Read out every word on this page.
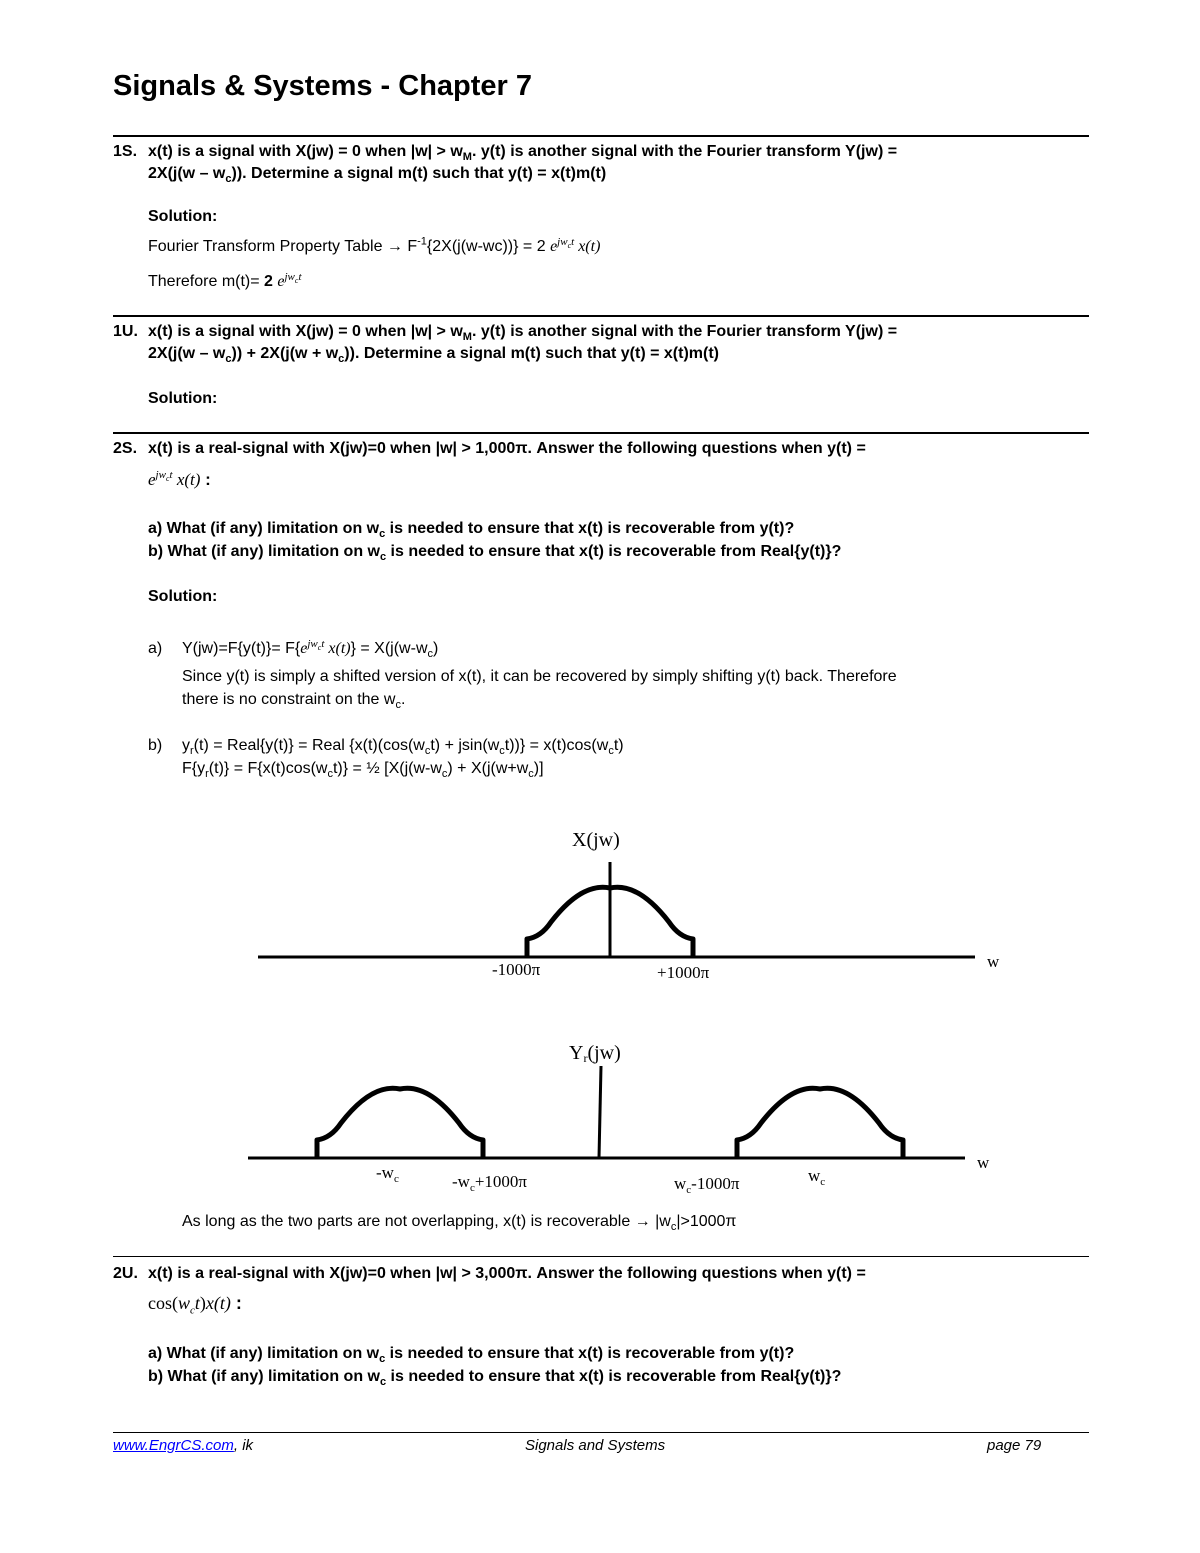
Signals & Systems - Chapter 7
1S. x(t) is a signal with X(jw) = 0 when $|w| > w_M$. y(t) is another signal with the Fourier transform Y(jw) =
$2X(j(w - w_c))$. Determine a signal m(t) such that y(t) = x(t)m(t)
Solution:
Fourier Transform Property Table → $F^{-1}\{2X(j(w-wc))\} = 2$ $e^{jw_ct}$ x(t)
Therefore m(t)= 2 $e^{jw_ct}$
1U. x(t) is a signal with X(jw) = 0 when $|w| > w_M$. y(t) is another signal with the Fourier transform Y(jw) =
$2X(j(w - w_c)) + 2X(j(w + w_c))$. Determine a signal m(t) such that y(t) = x(t)m(t)
Solution:
2S. x(t) is a real-signal with X(jw)=0 when |w| > 1,000π. Answer the following questions when y(t) =
$e^{jw_ct}$ x(t) :
a) What (if any) limitation on $w_c$ is needed to ensure that x(t) is recoverable from y(t)?
b) What (if any) limitation on $w_c$ is needed to ensure that x(t) is recoverable from Real{y(t)}?
Solution:
a) $Y(jw)=F\{y(t)\}= F\{e^{jw_ct}$ $x(t)\} = X(j(w-w_c)$
Since y(t) is simply a shifted version of x(t), it can be recovered by simply shifting y(t) back. Therefore
there is no constraint on the $w_c$.
b) $y_r(t)$ = Real{y(t)} = Real $\{x(t)(\cos(w_ct) + jsin(w_ct))\} = x(t)\cos(w_ct)$
$F\{y_r(t)\} = F\{x(t)\cos(w_ct)\}$ = ½ [$X(j(w-w_c) + X(j(w+w_c)]$
X(jw)
w
-1000π	+1000π
Yr(jw)
w
$-w_c$	$-w_c+1000\pi$	$w_c-1000\pi$	$w_c$
As long as the two parts are not overlapping, x(t) is recoverable → $|w_c|>1000\pi$
2U. x(t) is a real-signal with X(jw)=0 when |w| > 3,000π. Answer the following questions when y(t) =
$\cos(w_ct)x(t)$ :
a) What (if any) limitation on $w_c$ is needed to ensure that x(t) is recoverable from y(t)?
b) What (if any) limitation on $w_c$ is needed to ensure that x(t) is recoverable from Real{y(t)}?
www.EngrCS.com, ik	Signals and Systems	page 79
